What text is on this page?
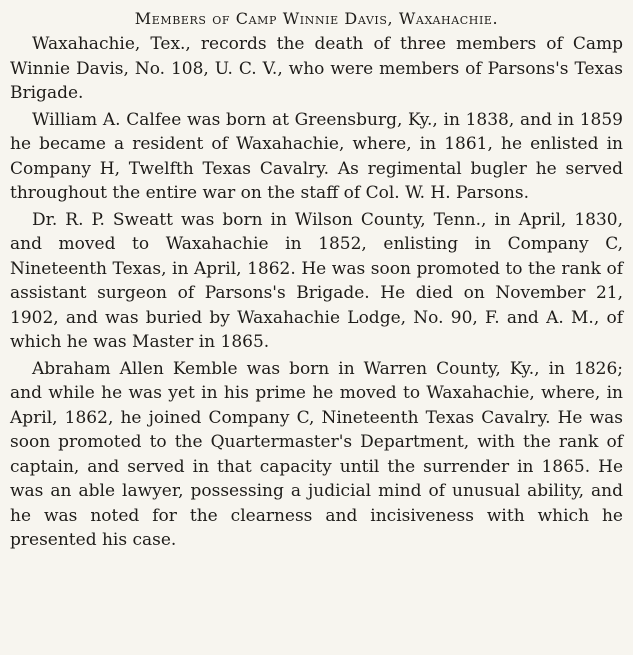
Members of Camp Winnie Davis, Waxahachie.

Waxahachie, Tex., records the death of three members of Camp Winnie Davis, No. 108, U. C. V., who were members of Parsons's Texas Brigade.

William A. Calfee was born at Greensburg, Ky., in 1838, and in 1859 he became a resident of Waxahachie, where, in 1861, he enlisted in Company H, Twelfth Texas Cavalry. As regimental bugler he served throughout the entire war on the staff of Col. W. H. Parsons.

Dr. R. P. Sweatt was born in Wilson County, Tenn., in April, 1830, and moved to Waxahachie in 1852, enlisting in Company C, Nineteenth Texas, in April, 1862. He was soon promoted to the rank of assistant surgeon of Parsons's Brigade. He died on November 21, 1902, and was buried by Waxahachie Lodge, No. 90, F. and A. M., of which he was Master in 1865.

Abraham Allen Kemble was born in Warren County, Ky., in 1826; and while he was yet in his prime he moved to Waxahachie, where, in April, 1862, he joined Company C, Nineteenth Texas Cavalry. He was soon promoted to the Quartermaster's Department, with the rank of captain, and served in that capacity until the surrender in 1865. He was an able lawyer, possessing a judicial mind of unusual ability, and he was noted for the clearness and incisiveness with which he presented his case.
